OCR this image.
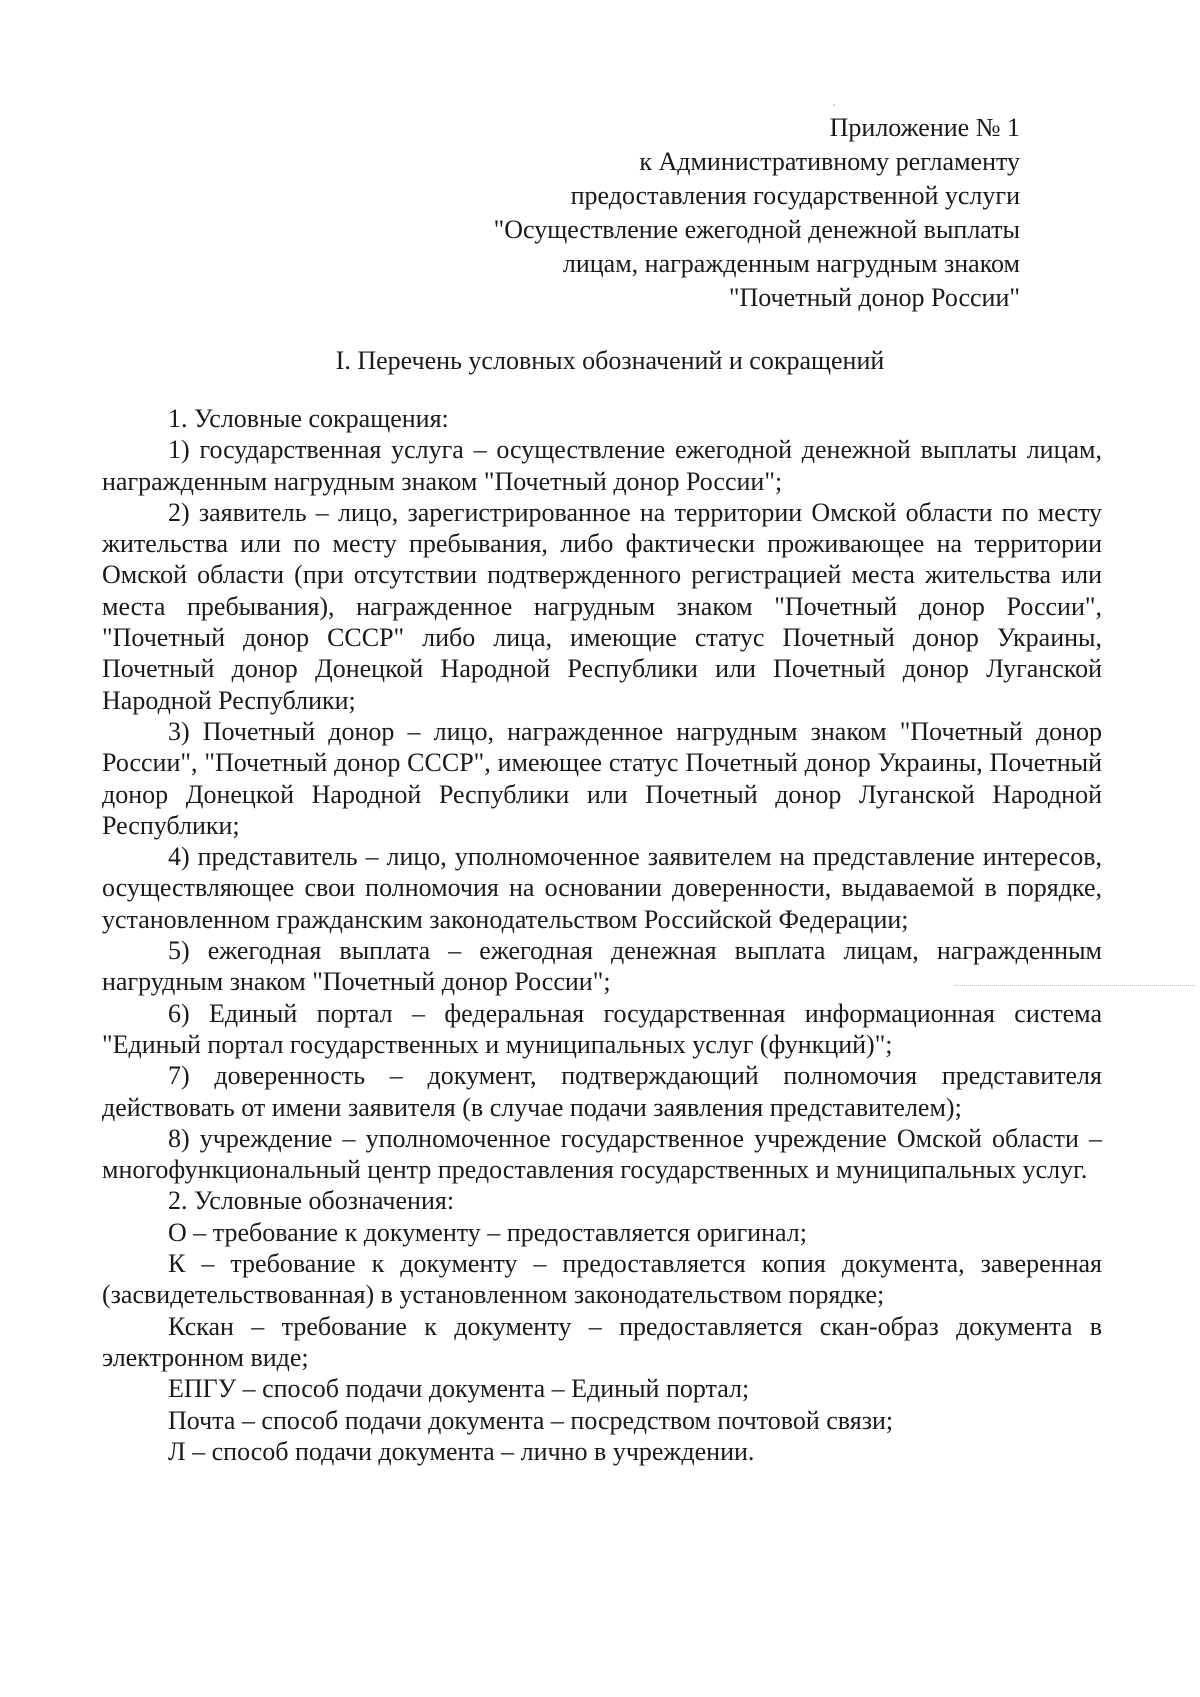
Приложение № 1
к Административному регламенту
предоставления государственной услуги
"Осуществление ежегодной денежной выплаты
лицам, награжденным нагрудным знаком
"Почетный донор России"
I. Перечень условных обозначений и сокращений

1. Условные сокращения:

1) государственная услуга – осуществление ежегодной денежной выплаты лицам, награжденным нагрудным знаком "Почетный донор России";

2) заявитель – лицо, зарегистрированное на территории Омской области по месту жительства или по месту пребывания, либо фактически проживающее на территории Омской области (при отсутствии подтвержденного регистрацией места жительства или места пребывания), награжденное нагрудным знаком "Почетный донор России", "Почетный донор СССР" либо лица, имеющие статус Почетный донор Украины, Почетный донор Донецкой Народной Республики или Почетный донор Луганской Народной Республики;

3) Почетный донор – лицо, награжденное нагрудным знаком "Почетный донор России", "Почетный донор СССР", имеющее статус Почетный донор Украины, Почетный донор Донецкой Народной Республики или Почетный донор Луганской Народной Республики;

4) представитель – лицо, уполномоченное заявителем на представление интересов, осуществляющее свои полномочия на основании доверенности, выдаваемой в порядке, установленном гражданским законодательством Российской Федерации;

5) ежегодная выплата – ежегодная денежная выплата лицам, награжденным нагрудным знаком "Почетный донор России";

6) Единый портал – федеральная государственная информационная система "Единый портал государственных и муниципальных услуг (функций)";

7) доверенность – документ, подтверждающий полномочия представителя действовать от имени заявителя (в случае подачи заявления представителем);

8) учреждение – уполномоченное государственное учреждение Омской области – многофункциональный центр предоставления государственных и муниципальных услуг.

2. Условные обозначения:

О – требование к документу – предоставляется оригинал;

К – требование к документу – предоставляется копия документа, заверенная (засвидетельствованная) в установленном законодательством порядке;

Кскан – требование к документу – предоставляется скан-образ документа в электронном виде;

ЕПГУ – способ подачи документа – Единый портал;

Почта – способ подачи документа – посредством почтовой связи;

Л – способ подачи документа – лично в учреждении.
